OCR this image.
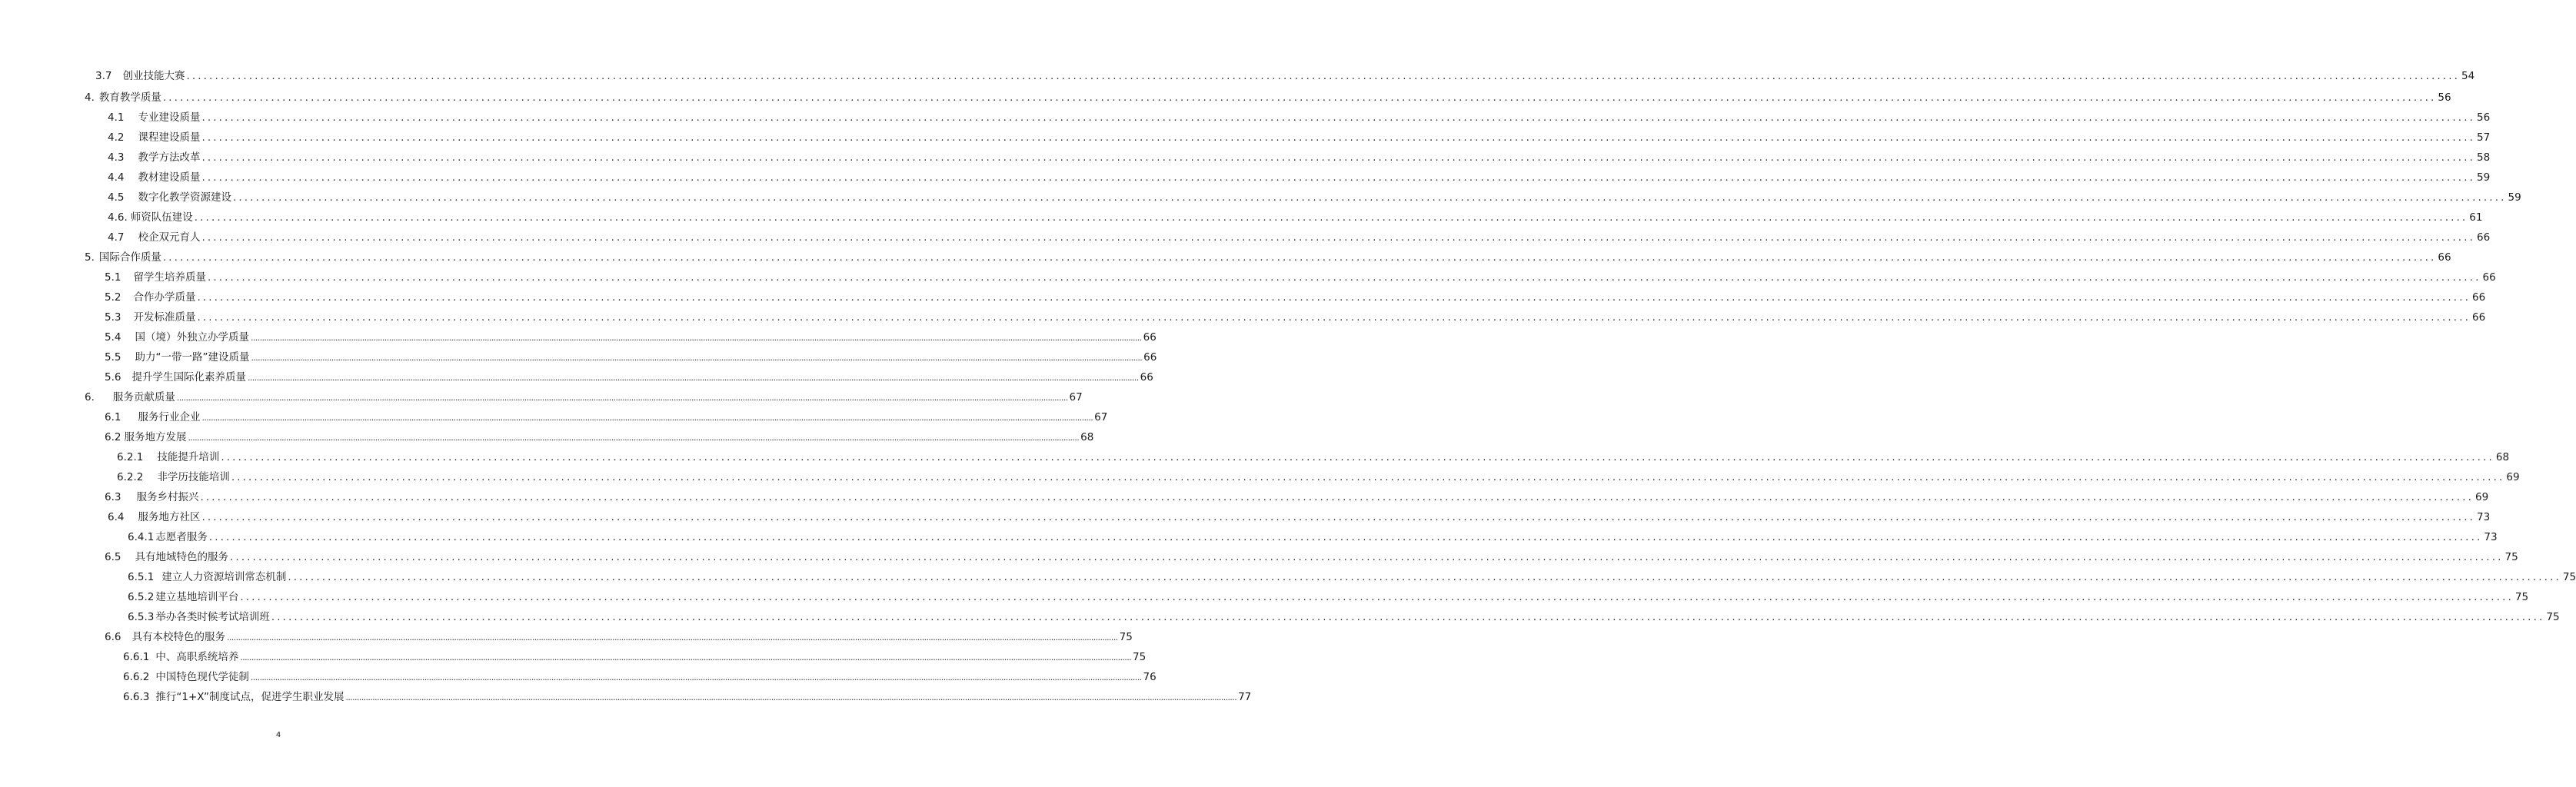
3.7 创业技能大赛 ................................................................................................................................................................................................................................................................................................................................................................................................................ 54
4. 教育教学质量 ................................................................................................................................................................................................................................................................................................................................................................................................................ 56
4.1 专业建设质量 ................................................................................................................................................................................................................................................................................................................................................................................................................ 56
4.2 课程建设质量 ................................................................................................................................................................................................................................................................................................................................................................................................................ 57
4.3 教学方法改革 ................................................................................................................................................................................................................................................................................................................................................................................................................ 58
4.4 教材建设质量 ................................................................................................................................................................................................................................................................................................................................................................................................................ 59
4.5 数字化教学资源建设 ................................................................................................................................................................................................................................................................................................................................................................................................................ 59
4.6. 师资队伍建设 ................................................................................................................................................................................................................................................................................................................................................................................................................ 61
4.7 校企双元育人 ................................................................................................................................................................................................................................................................................................................................................................................................................ 66
5. 国际合作质量 ................................................................................................................................................................................................................................................................................................................................................................................................................ 66
5.1 留学生培养质量 ................................................................................................................................................................................................................................................................................................................................................................................................................ 66
5.2 合作办学质量 ................................................................................................................................................................................................................................................................................................................................................................................................................ 66
5.3 开发标准质量 ................................................................................................................................................................................................................................................................................................................................................................................................................ 66
5.4 国（境）外独立办学质量 ................................................................................................................................................................................................................................................................................................................................................................................................................ 66
5.5 助力“一带一路”建设质量 ................................................................................................................................................................................................................................................................................................................................................................................................................ 66
5.6 提升学生国际化素养质量 ................................................................................................................................................................................................................................................................................................................................................................................................................ 66
6. 服务贡献质量 ................................................................................................................................................................................................................................................................................................................................................................................................................ 67
6.1 服务行业企业 ................................................................................................................................................................................................................................................................................................................................................................................................................ 67
6.2 服务地方发展 ................................................................................................................................................................................................................................................................................................................................................................................................................ 68
6.2.1 技能提升培训 ................................................................................................................................................................................................................................................................................................................................................................................................................ 68
6.2.2 非学历技能培训 ................................................................................................................................................................................................................................................................................................................................................................................................................ 69
6.3 服务乡村振兴 ................................................................................................................................................................................................................................................................................................................................................................................................................ 69
6.4 服务地方社区 ................................................................................................................................................................................................................................................................................................................................................................................................................ 73
6.4.1 志愿者服务 ................................................................................................................................................................................................................................................................................................................................................................................................................ 73
6.5 具有地域特色的服务 ................................................................................................................................................................................................................................................................................................................................................................................................................ 75
6.5.1 建立人力资源培训常态机制 ................................................................................................................................................................................................................................................................................................................................................................................................................ 75
6.5.2 建立基地培训平台 ................................................................................................................................................................................................................................................................................................................................................................................................................ 75
6.5.3 举办各类时候考试培训班 ................................................................................................................................................................................................................................................................................................................................................................................................................ 75
6.6 具有本校特色的服务 ................................................................................................................................................................................................................................................................................................................................................................................................................ 75
6.6.1 中、高职系统培养 ................................................................................................................................................................................................................................................................................................................................................................................................................ 75
6.6.2 中国特色现代学徒制 ................................................................................................................................................................................................................................................................................................................................................................................................................ 76
6.6.3 推行“1+X”制度试点，促进学生职业发展 ................................................................................................................................................................................................................................................................................................................................................................................................................ 77
4
